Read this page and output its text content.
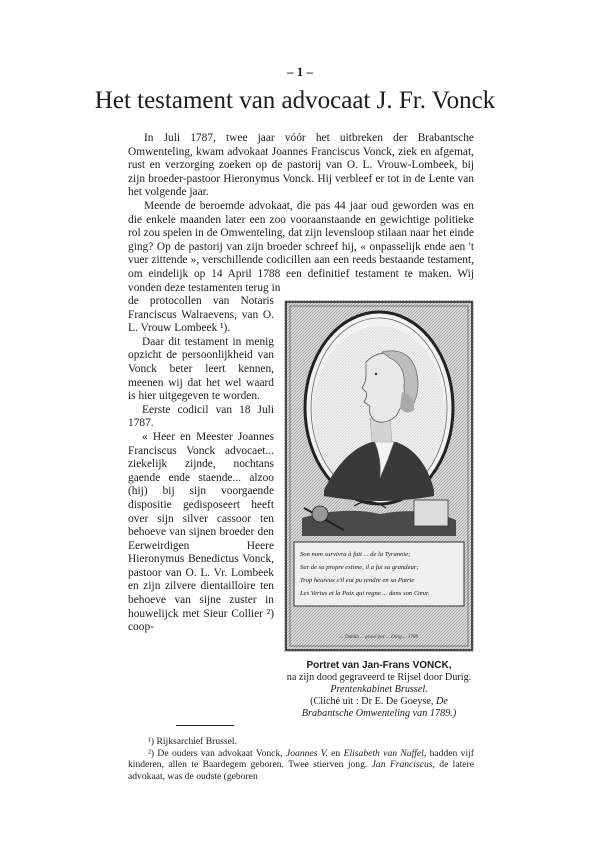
– 1 –
Het testament van advocaat J. Fr. Vonck

In Juli 1787, twee jaar vóór het uitbreken der Brabantsche Omwenteling, kwam advokaat Joannes Franciscus Vonck, ziek en afgemat, rust en verzorging zoeken op de pastorij van O. L. Vrouw-Lombeek, bij zijn broeder-pastoor Hieronymus Vonck. Hij verbleef er tot in de Lente van het volgende jaar.

Meende de beroemde advokaat, die pas 44 jaar oud geworden was en die enkele maanden later een zoo vooraanstaande en gewichtige politieke rol zou spelen in de Omwenteling, dat zijn levensloop stilaan naar het einde ging? Op de pastorij van zijn broeder schreef hij, « onpasselijk ende aen 't vuer zittende », verschillende codicillen aan een reeds bestaande testament, om eindelijk op 14 April 1788 een definitief testament te maken. Wij vonden deze testamenten terug in

de protocollen van Notaris Franciscus Walraevens, van O. L. Vrouw Lombeek ¹).

Daar dit testament in menig opzicht de persoonlijkheid van Vonck beter leert kennen, meenen wij dat het wel waard is hier uitgegeven te worden.

Eerste codicil van 18 Juli 1787.

« Heer en Meester Joannes Franciscus Vonck advocaet... ziekelijk zijnde, nochtans gaende ende staende... alzoo (hij) bij sijn voorgaende dispositie gedisposeert heeft over sijn silver cassoor ten behoeve van sijnen broeder den Eerweirdigen Heere Hieronymus Benedictus Vonck, pastoor van O. L. Vr. Lombeek en zijn zilvere dientailloire ten behoeve van sijne zuster in houwelijck met Sieur Collier ²) coop-

Son nom survivra à fait ... de la Tyrannie;
Sur de sa propre estime, il a fui sa grandeur;
Trop heureux s'il eut pu rendre en sa Patrie
Les Vertus et la Paix qui regne ... dans son Cœur.
... Dublin ... gravé par ... Dirig ... 1789
Portret van Jan-Frans VONCK,
na zijn dood gegraveerd te Rijsel door Durig. Prentenkabinet Brussel.
(Cliché uit : Dr E. De Goeyse, De Brabantsche Omwenteling van 1789.)

¹) Rijksarchief Brussel.

²) De ouders van advokaat Vonck, Joannes V. en Elisabeth van Nuffel, hadden vijf kinderen, allen te Baardegem geboren. Twee stierven jong. Jan Franciscus, de latere advokaat, was de oudste (geboren
